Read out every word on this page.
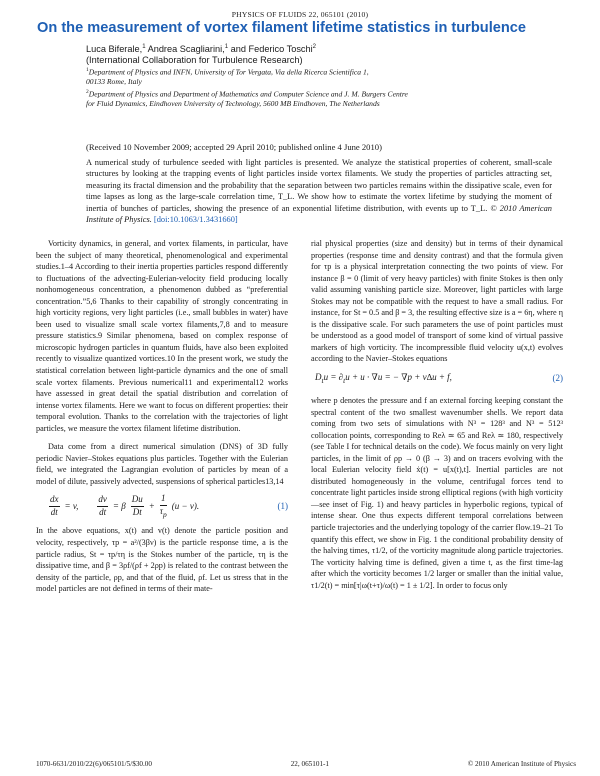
PHYSICS OF FLUIDS 22, 065101 (2010)
On the measurement of vortex filament lifetime statistics in turbulence
Luca Biferale,$^1$ Andrea Scagliarini,$^1$ and Federico Toschi$^2$
(International Collaboration for Turbulence Research)
$^1$Department of Physics and INFN, University of Tor Vergata, Via della Ricerca Scientifica 1,
00133 Rome, Italy
$^2$Department of Physics and Department of Mathematics and Computer Science and J. M. Burgers Centre
for Fluid Dynamics, Eindhoven University of Technology, 5600 MB Eindhoven, The Netherlands
(Received 10 November 2009; accepted 29 April 2010; published online 4 June 2010)

A numerical study of turbulence seeded with light particles is presented. We analyze the statistical properties of coherent, small-scale structures by looking at the trapping events of light particles inside vortex filaments. We study the properties of particles attracting set, measuring its fractal dimension and the probability that the separation between two particles remains within the dissipative scale, even for time lapses as long as the large-scale correlation time, T_L. We show how to estimate the vortex lifetime by studying the moment of inertia of bunches of particles, showing the presence of an exponential lifetime distribution, with events up to T_L. © 2010 American Institute of Physics. [doi:10.1063/1.3431660]

Vorticity dynamics, in general, and vortex filaments, in particular, have been the subject of many theoretical, phenomenological and experimental studies.1–4 According to their inertia properties particles respond differently to fluctuations of the advecting-Eulerian-velocity field producing locally nonhomogeneous concentration, a phenomenon dubbed as “preferential concentration.”5,6 Thanks to their capability of strongly concentrating in high vorticity regions, very light particles (i.e., small bubbles in water) have been used to visualize small scale vortex filaments,7,8 and to measure pressure statistics.9 Similar phenomena, based on complex response of microscopic hydrogen particles in quantum fluids, have also been exploited recently to visualize quantized vortices.10 In the present work, we study the statistical correlation between light-particle dynamics and the one of small scale vortex filaments. Previous numerical11 and experimental12 works have assessed in great detail the spatial distribution and correlation of intense vortex filaments. Here we want to focus on different properties: their temporal evolution. Thanks to the correlation with the trajectories of light particles, we measure the vortex filament lifetime distribution.

Data come from a direct numerical simulation (DNS) of 3D fully periodic Navier–Stokes equations plus particles. Together with the Eulerian field, we integrated the Lagrangian evolution of particles by mean of a model of dilute, passively advected, suspensions of spherical particles13,14

$\frac{dx}{dt} = v$, $\frac{dv}{dt} = \beta \frac{Du}{Dt} + \frac{1}{\tau_p} (u - v)$.	(1)

In the above equations, x(t) and v(t) denote the particle position and velocity, respectively, τp = a²/(3βν) is the particle response time, a is the particle radius, St = τp/τη is the Stokes number of the particle, τη is the dissipative time, and β = 3ρf/(ρf + 2ρp) is related to the contrast between the density of the particle, ρp, and that of the fluid, ρf. Let us stress that in the model particles are not defined in terms of their mate-

rial physical properties (size and density) but in terms of their dynamical properties (response time and density contrast) and that the formula given for τp is a physical interpretation connecting the two points of view. For instance β = 0 (limit of very heavy particles) with finite Stokes is then only valid assuming vanishing particle size. Moreover, light particles with large Stokes may not be compatible with the request to have a small radius. For instance, for St = 0.5 and β = 3, the resulting effective size is a = 6η, where η is the dissipative scale. For such parameters the use of point particles must be understood as a good model of transport of some kind of virtual passive markers of high vorticity. The incompressible fluid velocity u(x,t) evolves according to the Navier–Stokes equations

$D_tu = \partial_tu + u \cdot \nabla u$ = − ∇p + ν∆u + f,	(2)

where p denotes the pressure and f an external forcing keeping constant the spectral content of the two smallest wavenumber shells. We report data coming from two sets of simulations with N³ = 128³ and N³ = 512³ collocation points, corresponding to Reλ ≃ 65 and Reλ ≃ 180, respectively (see Table I for technical details on the code). We focus mainly on very light particles, in the limit of ρp → 0 (β → 3) and on tracers evolving with the local Eulerian velocity field ẋ(t) = u[x(t),t]. Inertial particles are not distributed homogeneously in the volume, centrifugal forces tend to concentrate light particles inside strong elliptical regions (with high vorticity—see inset of Fig. 1) and heavy particles in hyperbolic regions, typical of intense shear. One thus expects different temporal correlations between particle trajectories and the underlying topology of the carrier flow.19–21 To quantify this effect, we show in Fig. 1 the conditional probability density of the halving times, τ1/2, of the vorticity magnitude along particle trajectories. The vorticity halving time is defined, given a time t, as the first time-lag after which the vorticity becomes 1/2 larger or smaller than the initial value, τ1/2(t) = min[τ|ω(t+τ)/ω(t) = 1 ± 1/2]. In order to focus only

1070-6631/2010/22(6)/065101/5/$30.00	22, 065101-1	© 2010 American Institute of Physics
